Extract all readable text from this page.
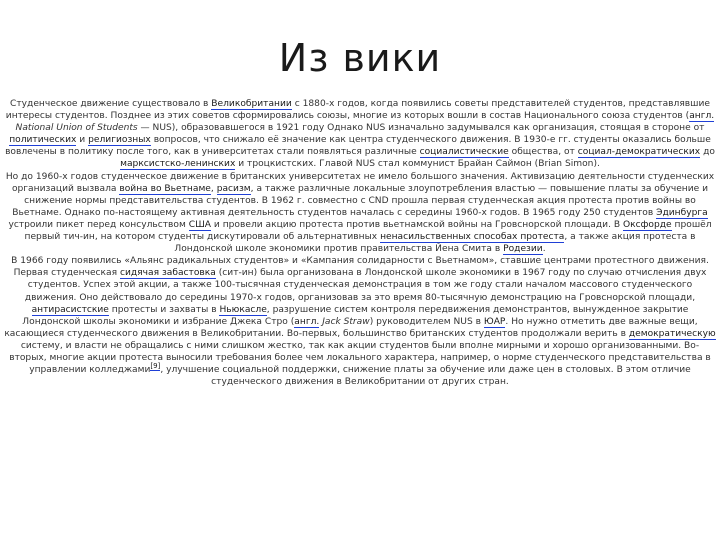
Из вики

Студенческое движение существовало в Великобритании с 1880-х годов, когда появились советы представителей студентов, представлявшие интересы студентов. Позднее из этих советов сформировались союзы, многие из которых вошли в состав Национального союза студентов (англ. National Union of Students — NUS), образовавшегося в 1921 году Однако NUS изначально задумывался как организация, стоящая в стороне от политических и религиозных вопросов, что снижало её значение как центра студенческого движения. В 1930-е гг. студенты оказались больше вовлечены в политику после того, как в университетах стали появляться различные социалистические общества, от социал-демократических до марксистско-ленинских и троцкистских. Главой NUS стал коммунист Брайан Саймон (Brian Simon).

Но до 1960-х годов студенческое движение в британских университетах не имело большого значения. Активизацию деятельности студенческих организаций вызвала война во Вьетнаме, расизм, а также различные локальные злоупотребления властью — повышение платы за обучение и снижение нормы представительства студентов. В 1962 г. совместно с CND прошла первая студенческая акция протеста против войны во Вьетнаме. Однако по-настоящему активная деятельность студентов началась с середины 1960-х годов. В 1965 году 250 студентов Эдинбурга устроили пикет перед консульством США и провели акцию протеста против вьетнамской войны на Гровснорской площади. В Оксфорде прошёл первый тич-ин, на котором студенты дискутировали об альтернативных ненасильственных способах протеста, а также акция протеста в Лондонской школе экономики против правительства Йена Смита в Родезии.

В 1966 году появились «Альянс радикальных студентов» и «Кампания солидарности с Вьетнамом», ставшие центрами протестного движения. Первая студенческая сидячая забастовка (сит-ин) была организована в Лондонской школе экономики в 1967 году по случаю отчисления двух студентов. Успех этой акции, а также 100-тысячная студенческая демонстрация в том же году стали началом массового студенческого движения. Оно действовало до середины 1970-х годов, организовав за это время 80-тысячную демонстрацию на Гровснорской площади, антирасистские протесты и захваты в Ньюкасле, разрушение систем контроля передвижения демонстрантов, вынужденное закрытие Лондонской школы экономики и избрание Джека Стро (англ. Jack Straw) руководителем NUS в ЮАР. Но нужно отметить две важные вещи, касающиеся студенческого движения в Великобритании. Во-первых, большинство британских студентов продолжали верить в демократическую систему, и власти не обращались с ними слишком жестко, так как акции студентов были вполне мирными и хорошо организованными. Во-вторых, многие акции протеста выносили требования более чем локального характера, например, о норме студенческого представительства в управлении колледжами[9], улучшение социальной поддержки, снижение платы за обучение или даже цен в столовых. В этом отличие студенческого движения в Великобритании от других стран.
